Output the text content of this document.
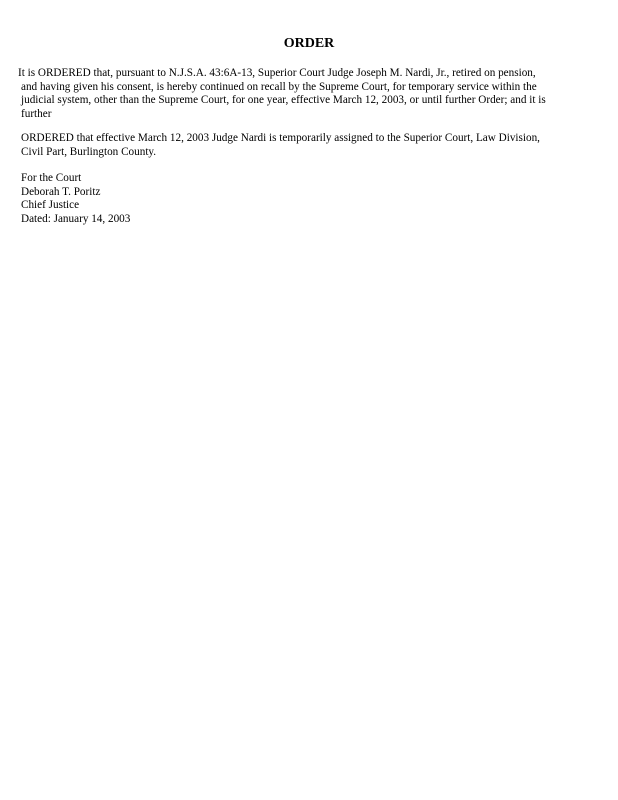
ORDER

It is ORDERED that, pursuant to N.J.S.A. 43:6A-13, Superior Court Judge Joseph M. Nardi, Jr., retired on pension,
and having given his consent, is hereby continued on recall by the Supreme Court, for temporary service within the
judicial system, other than the Supreme Court, for one year, effective March 12, 2003, or until further Order; and it is
further

ORDERED that effective March 12, 2003 Judge Nardi is temporarily assigned to the Superior Court, Law Division,
Civil Part, Burlington County.

For the Court
Deborah T. Poritz
Chief Justice
Dated: January 14, 2003
